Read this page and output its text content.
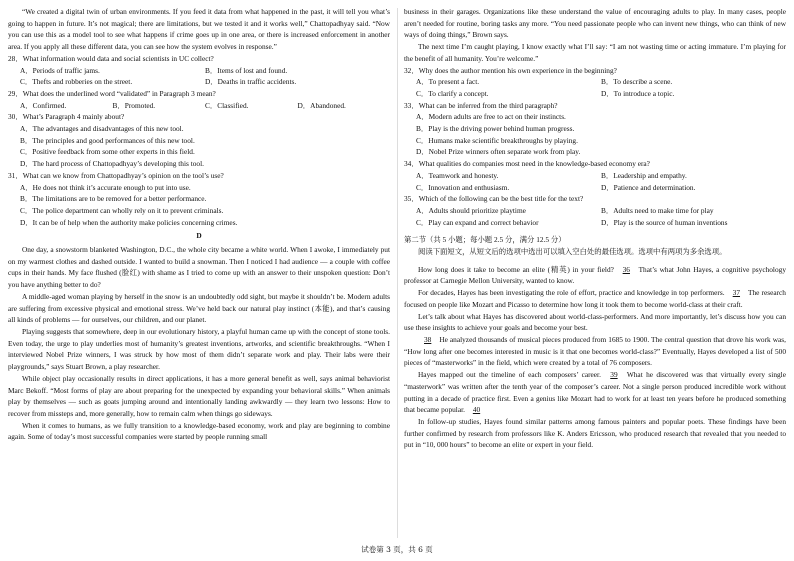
“We created a digital twin of urban environments. If you feed it data from what happened in the past, it will tell you what’s going to happen in future. It’s not magical; there are limitations, but we tested it and it works well,” Chattopadhyay said. “Now you can use this as a model tool to see what happens if crime goes up in one area, or there is increased enforcement in another area. If you apply all these different data, you can see how the system evolves in response.”

28．What information would data and social scientists in UC collect?

A．Periods of traffic jams.	B．Items of lost and found.
C．Thefts and robberies on the street.	D．Deaths in traffic accidents.

29．What does the underlined word “validated” in Paragraph 3 mean?

A．Confirmed.	B．Promoted.	C．Classified.	D．Abandoned.

30．What’s Paragraph 4 mainly about?

A．The advantages and disadvantages of this new tool.
B．The principles and good performances of this new tool.
C．Positive feedback from some other experts in this field.
D．The hard process of Chattopadhyay’s developing this tool.

31．What can we know from Chattopadhyay’s opinion on the tool’s use?

A．He does not think it’s accurate enough to put into use.
B．The limitations are to be removed for a better performance.
C．The police department can wholly rely on it to prevent criminals.
D．It can be of help when the authority make policies concerning crimes.
D

One day, a snowstorm blanketed Washington, D.C., the whole city became a white world. When I awoke, I immediately put on my warmest clothes and dashed outside. I wanted to build a snowman. Then I noticed I had audience — a couple with coffee cups in their hands. My face flushed (脸红) with shame as I tried to come up with an answer to their unspoken question: Don’t you have anything better to do?

A middle-aged woman playing by herself in the snow is an undoubtedly odd sight, but maybe it shouldn’t be. Modern adults are suffering from excessive physical and emotional stress. We’ve held back our natural play instinct (本能), and that’s causing all kinds of problems — for ourselves, our children, and our planet.

Playing suggests that somewhere, deep in our evolutionary history, a playful human came up with the concept of stone tools. Even today, the urge to play underlies most of humanity’s greatest inventions, artworks, and scientific breakthroughs. “When I interviewed Nobel Prize winners, I was struck by how most of them didn’t separate work and play. Their labs were their playgrounds,” says Stuart Brown, a play researcher.

While object play occasionally results in direct applications, it has a more general benefit as well, says animal behaviorist Marc Bekoff. “Most forms of play are about preparing for the unexpected by expanding your behavioral skills.” When animals play by themselves — such as goats jumping around and intentionally landing awkwardly — they learn two lessons: How to recover from missteps and, more generally, how to remain calm when things go sideways.

When it comes to humans, as we fully transition to a knowledge-based economy, work and play are beginning to combine again. Some of today’s most successful companies were started by people running small

business in their garages. Organizations like these understand the value of encouraging adults to play. In many cases, people aren’t needed for routine, boring tasks any more. “You need passionate people who can invent new things, who can think of new ways of doing things,” Brown says.

The next time I’m caught playing, I know exactly what I’ll say: “I am not wasting time or acting immature. I’m playing for the benefit of all humanity. You’re welcome.”

32．Why does the author mention his own experience in the beginning?

A．To present a fact.	B．To describe a scene.
C．To clarify a concept.	D．To introduce a topic.

33．What can be inferred from the third paragraph?

A．Modern adults are free to act on their instincts.
B．Play is the driving power behind human progress.
C．Humans make scientific breakthroughs by playing.
D．Nobel Prize winners often separate work from play.

34．What qualities do companies most need in the knowledge-based economy era?

A．Teamwork and honesty.	B．Leadership and empathy.
C．Innovation and enthusiasm.	D．Patience and determination.

35．Which of the following can be the best title for the text?

A．Adults should prioritize playtime	B．Adults need to make time for play
C．Play can expand and correct behavior	D．Play is the source of human inventions

第二节（共 5 小题；每小题 2.5 分，满分 12.5 分）

阅读下面短文，从短文后的选项中选出可以填入空白处的最佳选项。选项中有两项为多余选项。

How long does it take to become an elite (精英) in your field? 36 That’s what John Hayes, a cognitive psychology professor at Carnegie Mellon University, wanted to know.

For decades, Hayes has been investigating the role of effort, practice and knowledge in top performers. 37 The research focused on people like Mozart and Picasso to determine how long it took them to become world-class at their craft.

Let’s talk about what Hayes has discovered about world-class-performers. And more importantly, let’s discuss how you can use these insights to achieve your goals and become your best.

38 He analyzed thousands of musical pieces produced from 1685 to 1900. The central question that drove his work was, “How long after one becomes interested in music is it that one becomes world-class?” Eventually, Hayes developed a list of 500 pieces of “masterworks” in the field, which were created by a total of 76 composers.

Hayes mapped out the timeline of each composers’ career. 39 What he discovered was that virtually every single “masterwork” was written after the tenth year of the composer’s career. Not a single person produced incredible work without putting in a decade of practice first. Even a genius like Mozart had to work for at least ten years before he produced something that became popular. 40

In follow-up studies, Hayes found similar patterns among famous painters and popular poets. These findings have been further confirmed by research from professors like K. Anders Ericsson, who produced research that revealed that you needed to put in “10, 000 hours” to become an elite or expert in your field.

试卷第 3 页，共 6 页
